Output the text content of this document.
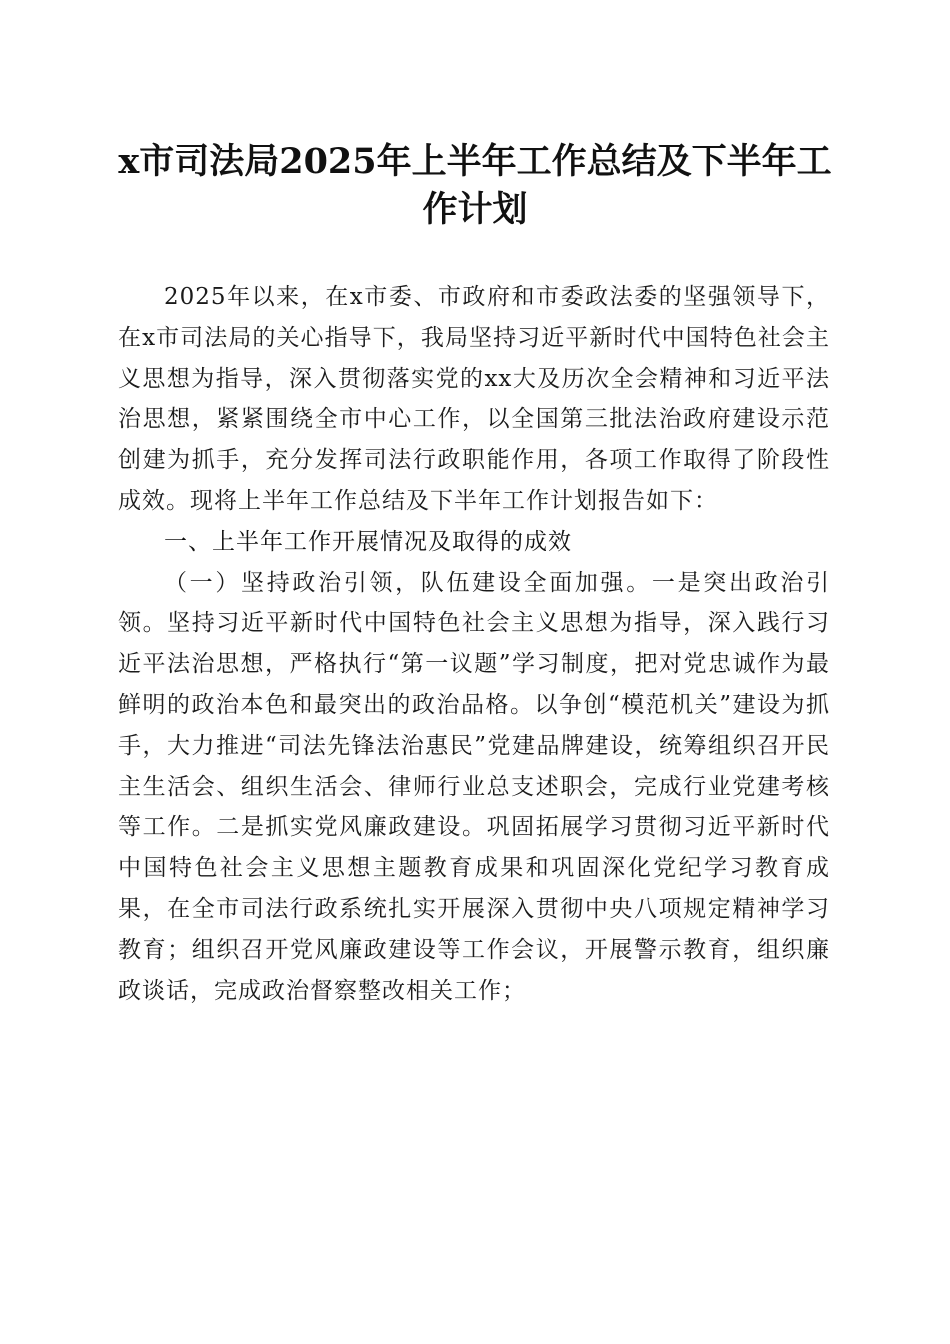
x市司法局2025年上半年工作总结及下半年工作计划

2025年以来，在x市委、市政府和市委政法委的坚强领导下，在x市司法局的关心指导下，我局坚持习近平新时代中国特色社会主义思想为指导，深入贯彻落实党的xx大及历次全会精神和习近平法治思想，紧紧围绕全市中心工作，以全国第三批法治政府建设示范创建为抓手，充分发挥司法行政职能作用，各项工作取得了阶段性成效。现将上半年工作总结及下半年工作计划报告如下：

一、上半年工作开展情况及取得的成效

（一）坚持政治引领，队伍建设全面加强。一是突出政治引领。坚持习近平新时代中国特色社会主义思想为指导，深入践行习近平法治思想，严格执行“第一议题”学习制度，把对党忠诚作为最鲜明的政治本色和最突出的政治品格。以争创“模范机关”建设为抓手，大力推进“司法先锋法治惠民”党建品牌建设，统筹组织召开民主生活会、组织生活会、律师行业总支述职会，完成行业党建考核等工作。二是抓实党风廉政建设。巩固拓展学习贯彻习近平新时代中国特色社会主义思想主题教育成果和巩固深化党纪学习教育成果，在全市司法行政系统扎实开展深入贯彻中央八项规定精神学习教育；组织召开党风廉政建设等工作会议，开展警示教育，组织廉政谈话，完成政治督察整改相关工作；
